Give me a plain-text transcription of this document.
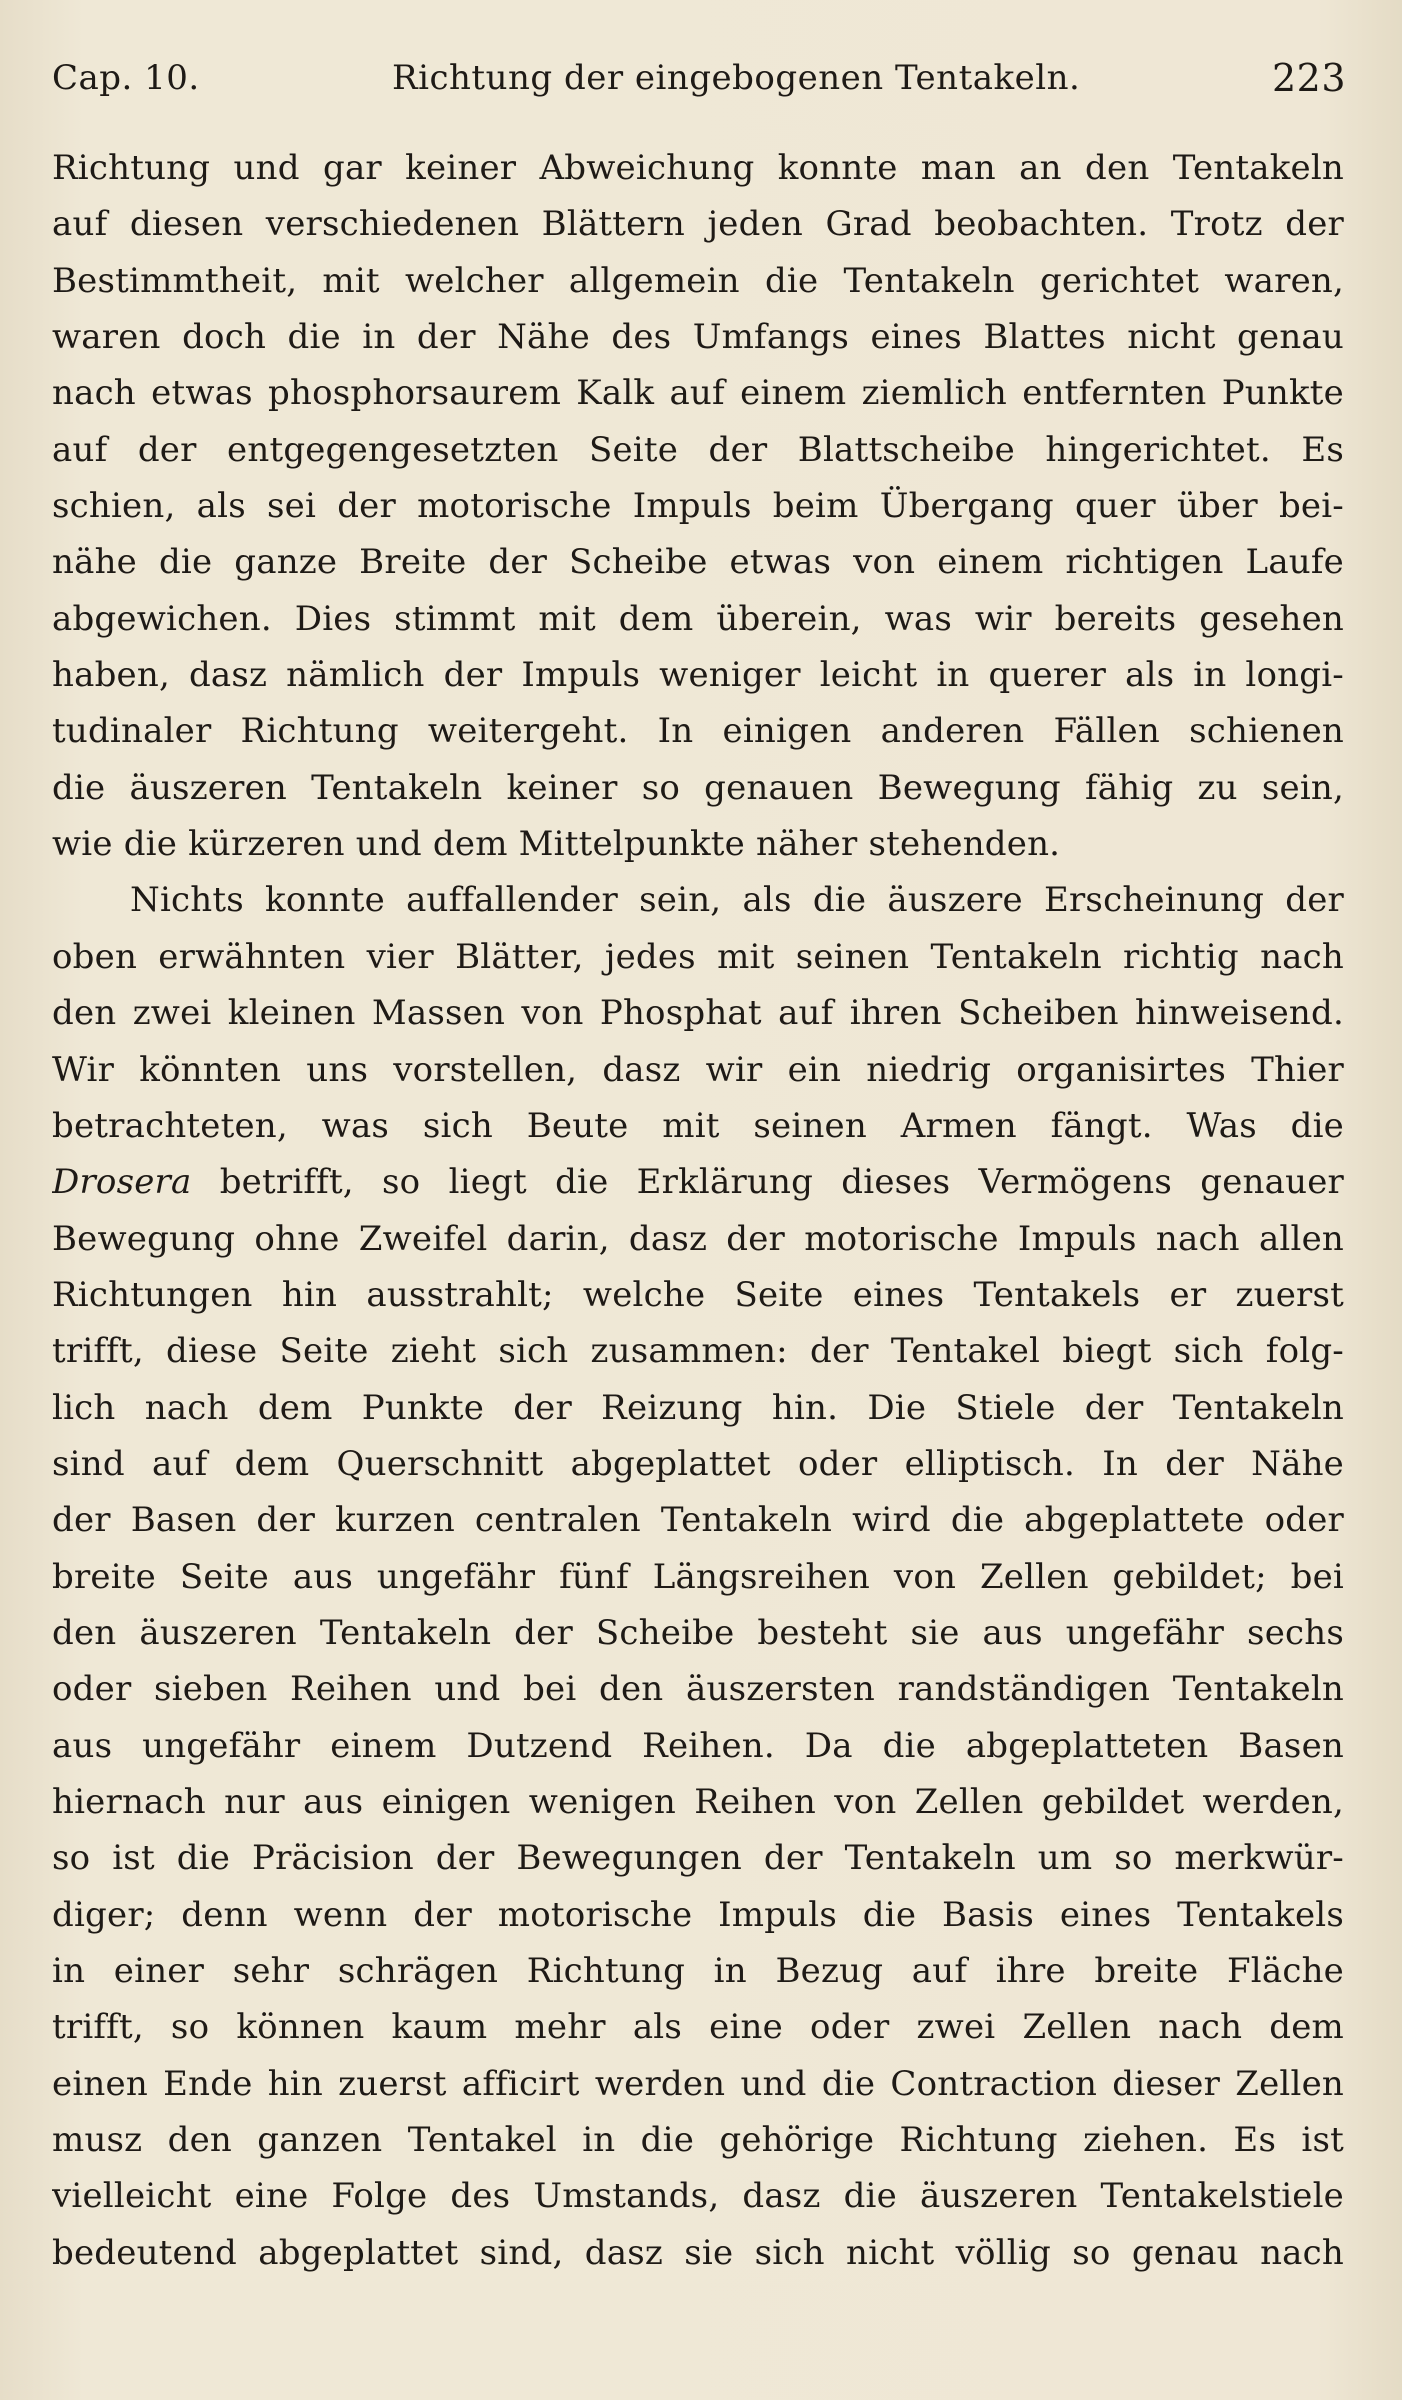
Cap. 10.	Richtung der eingebogenen Tentakeln.	223

Richtung und gar keiner Abweichung konnte man an den Tentakeln
auf diesen verschiedenen Blättern jeden Grad beobachten. Trotz der
Bestimmtheit, mit welcher allgemein die Tentakeln gerichtet waren,
waren doch die in der Nähe des Umfangs eines Blattes nicht genau
nach etwas phosphorsaurem Kalk auf einem ziemlich entfernten Punkte
auf der entgegengesetzten Seite der Blattscheibe hingerichtet. Es
schien, als sei der motorische Impuls beim Übergang quer über bei-
nähe die ganze Breite der Scheibe etwas von einem richtigen Laufe
abgewichen. Dies stimmt mit dem überein, was wir bereits gesehen
haben, dasz nämlich der Impuls weniger leicht in querer als in longi-
tudinaler Richtung weitergeht. In einigen anderen Fällen schienen
die äuszeren Tentakeln keiner so genauen Bewegung fähig zu sein,
wie die kürzeren und dem Mittelpunkte näher stehenden.

Nichts konnte auffallender sein, als die äuszere Erscheinung der
oben erwähnten vier Blätter, jedes mit seinen Tentakeln richtig nach
den zwei kleinen Massen von Phosphat auf ihren Scheiben hinweisend.
Wir könnten uns vorstellen, dasz wir ein niedrig organisirtes Thier
betrachteten, was sich Beute mit seinen Armen fängt. Was die
Drosera betrifft, so liegt die Erklärung dieses Vermögens genauer
Bewegung ohne Zweifel darin, dasz der motorische Impuls nach allen
Richtungen hin ausstrahlt; welche Seite eines Tentakels er zuerst
trifft, diese Seite zieht sich zusammen: der Tentakel biegt sich folg-
lich nach dem Punkte der Reizung hin. Die Stiele der Tentakeln
sind auf dem Querschnitt abgeplattet oder elliptisch. In der Nähe
der Basen der kurzen centralen Tentakeln wird die abgeplattete oder
breite Seite aus ungefähr fünf Längsreihen von Zellen gebildet; bei
den äuszeren Tentakeln der Scheibe besteht sie aus ungefähr sechs
oder sieben Reihen und bei den äuszersten randständigen Tentakeln
aus ungefähr einem Dutzend Reihen. Da die abgeplatteten Basen
hiernach nur aus einigen wenigen Reihen von Zellen gebildet werden,
so ist die Präcision der Bewegungen der Tentakeln um so merkwür-
diger; denn wenn der motorische Impuls die Basis eines Tentakels
in einer sehr schrägen Richtung in Bezug auf ihre breite Fläche
trifft, so können kaum mehr als eine oder zwei Zellen nach dem
einen Ende hin zuerst afficirt werden und die Contraction dieser Zellen
musz den ganzen Tentakel in die gehörige Richtung ziehen. Es ist
vielleicht eine Folge des Umstands, dasz die äuszeren Tentakelstiele
bedeutend abgeplattet sind, dasz sie sich nicht völlig so genau nach
